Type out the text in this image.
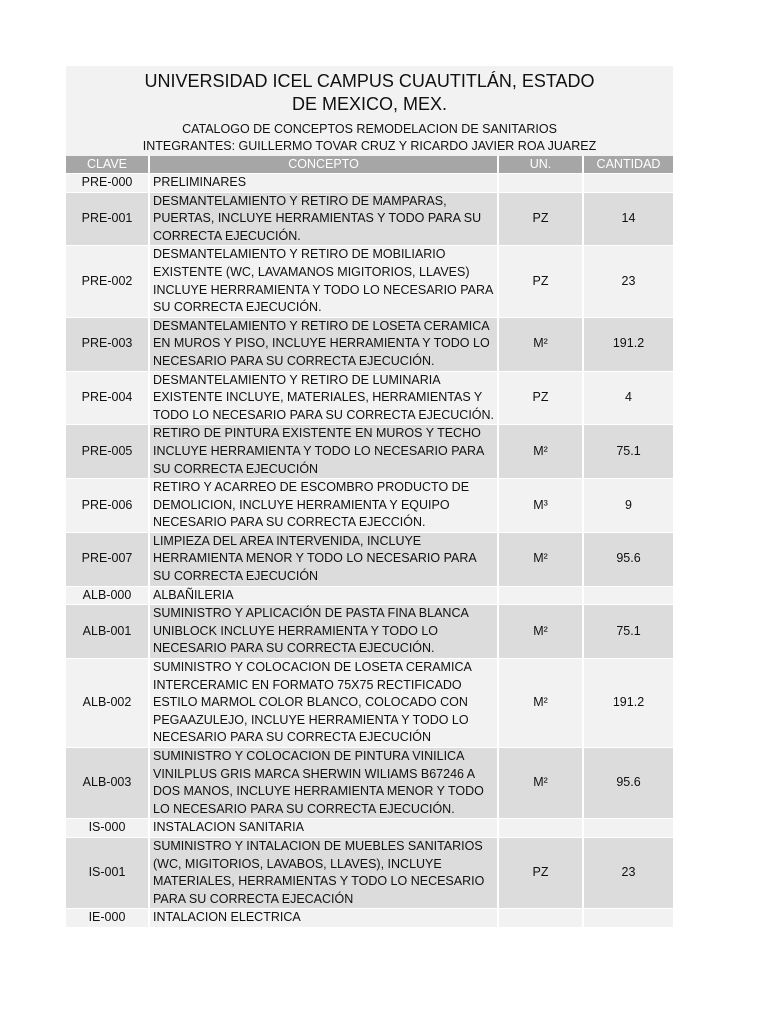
UNIVERSIDAD ICEL CAMPUS CUAUTITLÁN, ESTADO
DE MEXICO, MEX.
CATALOGO DE CONCEPTOS REMODELACION DE SANITARIOS
INTEGRANTES: GUILLERMO TOVAR CRUZ Y RICARDO JAVIER ROA JUAREZ
CLAVE	CONCEPTO	UN.	CANTIDAD
PRE-000	PRELIMINARES		
PRE-001	DESMANTELAMIENTO Y RETIRO DE MAMPARAS, PUERTAS, INCLUYE HERRAMIENTAS Y TODO PARA SU CORRECTA EJECUCIÓN.	PZ	14
PRE-002	DESMANTELAMIENTO Y RETIRO DE MOBILIARIO EXISTENTE (WC, LAVAMANOS MIGITORIOS, LLAVES) INCLUYE HERRRAMIENTA Y TODO LO NECESARIO PARA SU CORRECTA EJECUCIÓN.	PZ	23
PRE-003	DESMANTELAMIENTO Y RETIRO DE LOSETA CERAMICA EN MUROS Y PISO, INCLUYE HERRAMIENTA Y TODO LO NECESARIO PARA SU CORRECTA EJECUCIÓN.	M²	191.2
PRE-004	DESMANTELAMIENTO Y RETIRO DE LUMINARIA EXISTENTE INCLUYE, MATERIALES, HERRAMIENTAS Y TODO LO NECESARIO PARA SU CORRECTA EJECUCIÓN.	PZ	4
PRE-005	RETIRO DE PINTURA EXISTENTE EN MUROS Y TECHO INCLUYE HERRAMIENTA Y TODO LO NECESARIO PARA SU CORRECTA EJECUCIÓN	M²	75.1
PRE-006	RETIRO Y ACARREO DE ESCOMBRO PRODUCTO DE DEMOLICION, INCLUYE HERRAMIENTA Y EQUIPO NECESARIO PARA SU CORRECTA EJECCIÓN.	M³	9
PRE-007	LIMPIEZA DEL AREA INTERVENIDA, INCLUYE HERRAMIENTA MENOR Y TODO LO NECESARIO PARA SU CORRECTA EJECUCIÓN	M²	95.6
ALB-000	ALBAÑILERIA		
ALB-001	SUMINISTRO Y APLICACIÓN DE PASTA FINA BLANCA UNIBLOCK INCLUYE HERRAMIENTA Y TODO LO NECESARIO PARA SU CORRECTA EJECUCIÓN.	M²	75.1
ALB-002	SUMINISTRO Y COLOCACION DE LOSETA CERAMICA INTERCERAMIC EN FORMATO 75X75 RECTIFICADO ESTILO MARMOL COLOR BLANCO, COLOCADO CON PEGAAZULEJO, INCLUYE HERRAMIENTA Y TODO LO NECESARIO PARA SU CORRECTA EJECUCIÓN	M²	191.2
ALB-003	SUMINISTRO Y COLOCACION DE PINTURA VINILICA VINILPLUS GRIS MARCA SHERWIN WILIAMS B67246 A DOS MANOS, INCLUYE HERRAMIENTA MENOR Y TODO LO NECESARIO PARA SU CORRECTA EJECUCIÓN.	M²	95.6
IS-000	INSTALACION SANITARIA		
IS-001	SUMINISTRO Y INTALACION DE MUEBLES SANITARIOS (WC, MIGITORIOS, LAVABOS, LLAVES), INCLUYE MATERIALES, HERRAMIENTAS Y TODO LO NECESARIO PARA SU CORRECTA EJECACIÓN	PZ	23
IE-000	INTALACION ELECTRICA		
